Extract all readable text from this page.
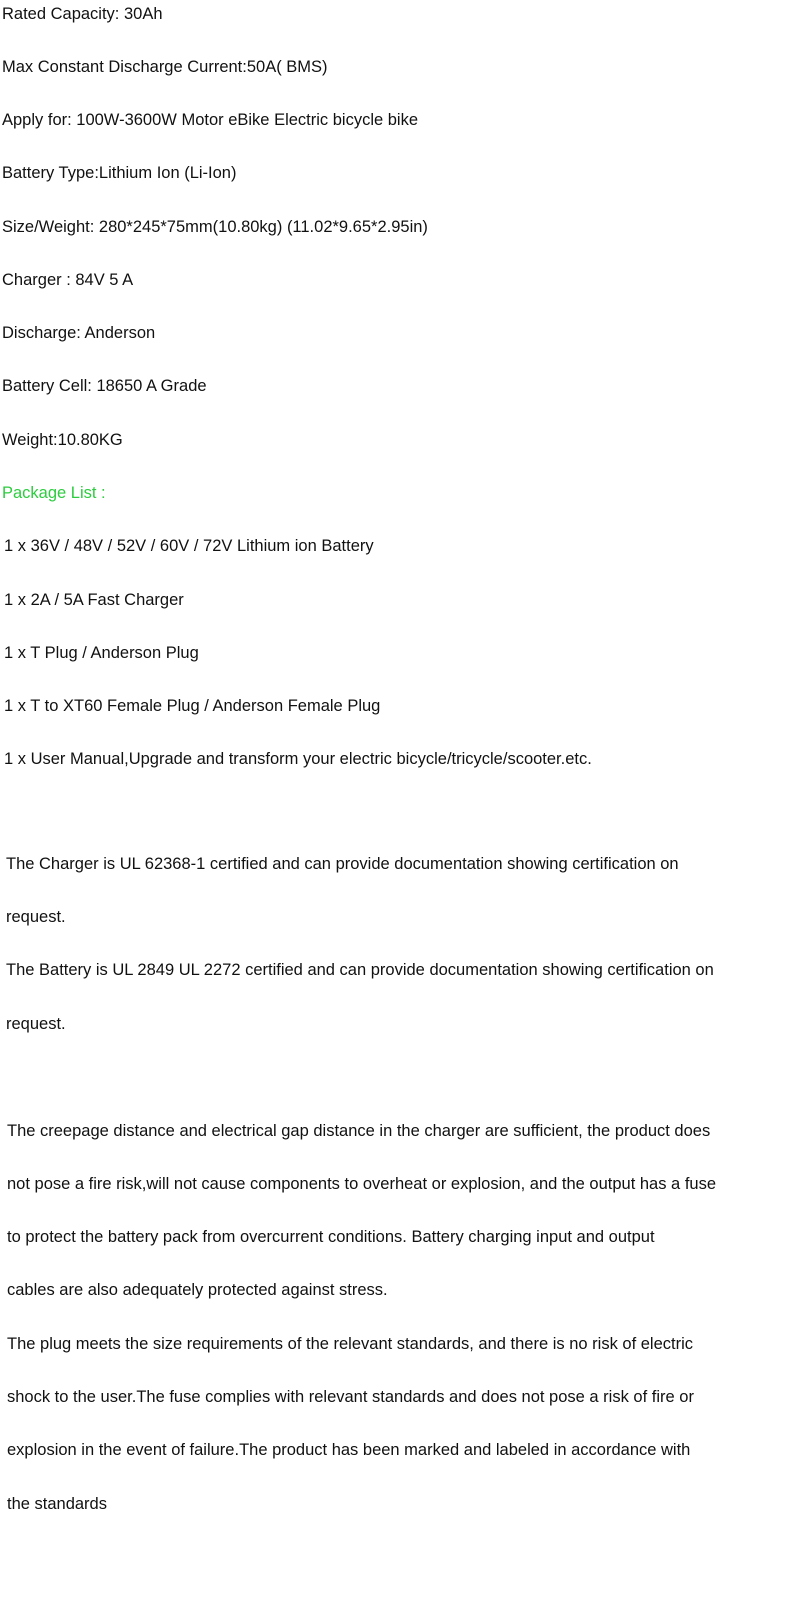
Rated Capacity: 30Ah
Max Constant Discharge Current:50A( BMS)
Apply for: 100W-3600W Motor eBike Electric bicycle bike
Battery Type:Lithium Ion (Li-Ion)
Size/Weight: 280*245*75mm(10.80kg) (11.02*9.65*2.95in)
Charger : 84V 5 A
Discharge: Anderson
Battery Cell: 18650 A Grade
Weight:10.80KG
Package List :
1 x 36V / 48V / 52V / 60V / 72V Lithium ion Battery
1 x 2A / 5A Fast Charger
1 x T Plug / Anderson Plug
1 x T to XT60 Female Plug / Anderson Female Plug
1 x User Manual,Upgrade and transform your electric bicycle/tricycle/scooter.etc.
The Charger is UL 62368-1 certified and can provide documentation showing certification on
request.
The Battery is UL 2849 UL 2272 certified and can provide documentation showing certification on
request.
The creepage distance and electrical gap distance in the charger are sufficient, the product does
not pose a fire risk,will not cause components to overheat or explosion, and the output has a fuse
to protect the battery pack from overcurrent conditions. Battery charging input and output
cables are also adequately protected against stress.
The plug meets the size requirements of the relevant standards, and there is no risk of electric
shock to the user.The fuse complies with relevant standards and does not pose a risk of fire or
explosion in the event of failure.The product has been marked and labeled in accordance with
the standards
